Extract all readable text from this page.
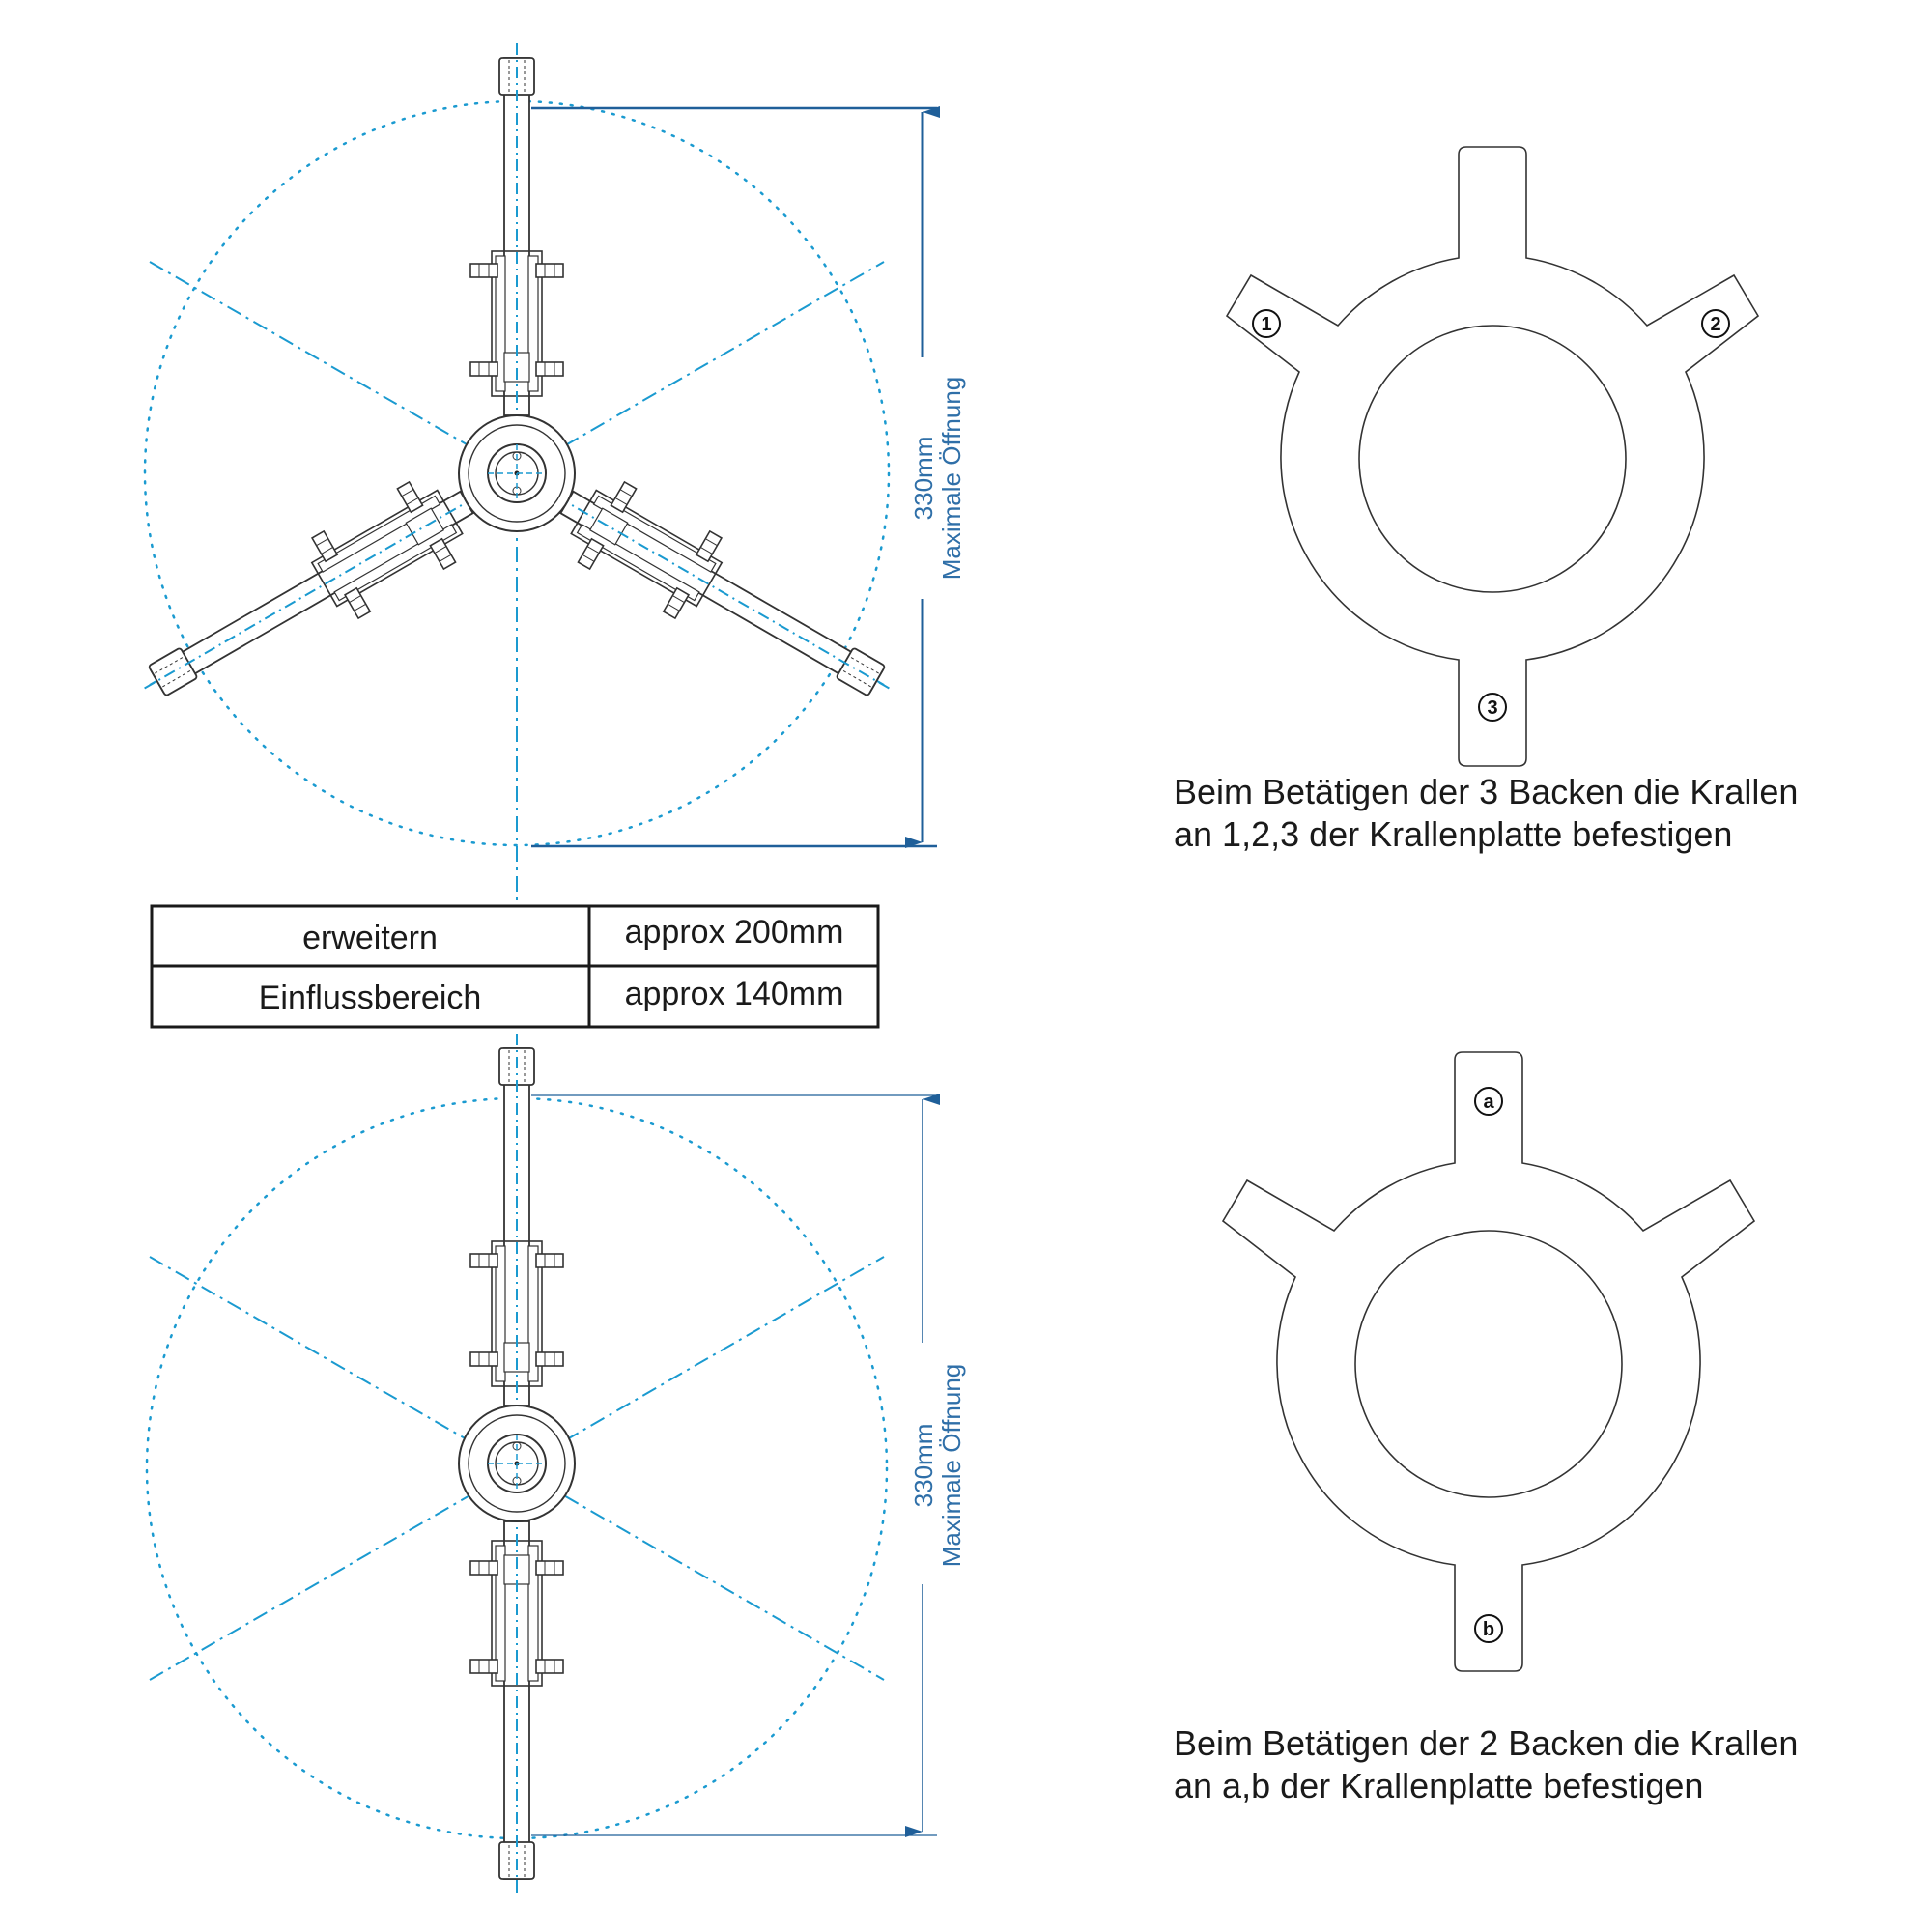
330mm Maximale Öffnung
erweitern	approx 200mm
Einflussbereich	approx 140mm
330mm Maximale Öffnung
1	2
3
Beim Betätigen der 3 Backen die Krallen
an 1,2,3 der Krallenplatte befestigen
a
b
Beim Betätigen der 2 Backen die Krallen
an a,b der Krallenplatte befestigen
